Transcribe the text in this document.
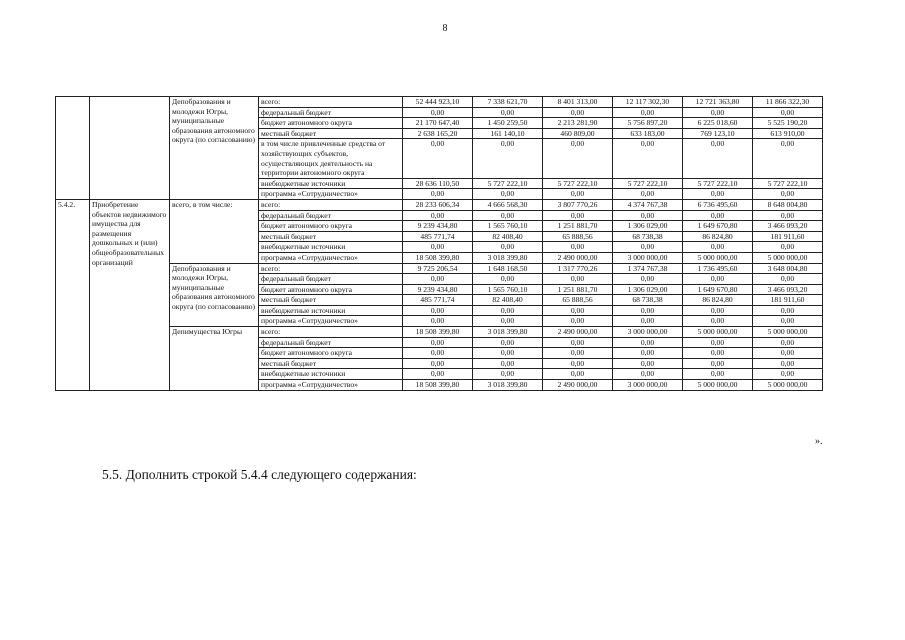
8
		Депобразования и молодежи Югры, муниципальные образования автономного округа (по согласованию)	всего:	52 444 923,10	7 338 621,70	8 401 313,00	12 117 302,30	12 721 363,80	11 866 322,30
			федеральный бюджет	0,00	0,00	0,00	0,00	0,00	0,00
			бюджет автономного округа	21 170 647,40	1 450 259,50	2 213 281,90	5 756 897,20	6 225 018,60	5 525 190,20
			местный бюджет	2 638 165,20	161 140,10	460 809,00	633 183,00	769 123,10	613 910,00
			в том числе привлеченные средства от хозяйствующих субъектов, осуществляющих деятельность на территории автономного округа	0,00	0,00	0,00	0,00	0,00	0,00
			внебюджетные источники	28 636 110,50	5 727 222,10	5 727 222,10	5 727 222,10	5 727 222,10	5 727 222,10
			программа «Сотрудничество»	0,00	0,00	0,00	0,00	0,00	0,00
5.4.2.	Приобретение объектов недвижимого имущества для размещения дошкольных и (или) общеобразовательных организаций	всего, в том числе:	всего:	28 233 606,34	4 666 568,30	3 807 770,26	4 374 767,38	6 736 495,60	8 648 004,80
			федеральный бюджет	0,00	0,00	0,00	0,00	0,00	0,00
			бюджет автономного округа	9 239 434,80	1 565 760,10	1 251 881,70	1 306 029,00	1 649 670,80	3 466 093,20
			местный бюджет	485 771,74	82 408,40	65 888,56	68 738,38	86 824,80	181 911,60
			внебюджетные источники	0,00	0,00	0,00	0,00	0,00	0,00
			программа «Сотрудничество»	18 508 399,80	3 018 399,80	2 490 000,00	3 000 000,00	5 000 000,00	5 000 000,00
		Депобразования и молодежи Югры, муниципальные образования автономного округа (по согласованию)	всего:	9 725 206,54	1 648 168,50	1 317 770,26	1 374 767,38	1 736 495,60	3 648 004,80
			федеральный бюджет	0,00	0,00	0,00	0,00	0,00	0,00
			бюджет автономного округа	9 239 434,80	1 565 760,10	1 251 881,70	1 306 029,00	1 649 670,80	3 466 093,20
			местный бюджет	485 771,74	82 408,40	65 888,56	68 738,38	86 824,80	181 911,60
			внебюджетные источники	0,00	0,00	0,00	0,00	0,00	0,00
			программа «Сотрудничество»	0,00	0,00	0,00	0,00	0,00	0,00
		Депимущества Югры	всего:	18 508 399,80	3 018 399,80	2 490 000,00	3 000 000,00	5 000 000,00	5 000 000,00
			федеральный бюджет	0,00	0,00	0,00	0,00	0,00	0,00
			бюджет автономного округа	0,00	0,00	0,00	0,00	0,00	0,00
			местный бюджет	0,00	0,00	0,00	0,00	0,00	0,00
			внебюджетные источники	0,00	0,00	0,00	0,00	0,00	0,00
			программа «Сотрудничество»	18 508 399,80	3 018 399,80	2 490 000,00	3 000 000,00	5 000 000,00	5 000 000,00
».
5.5. Дополнить строкой 5.4.4 следующего содержания:
